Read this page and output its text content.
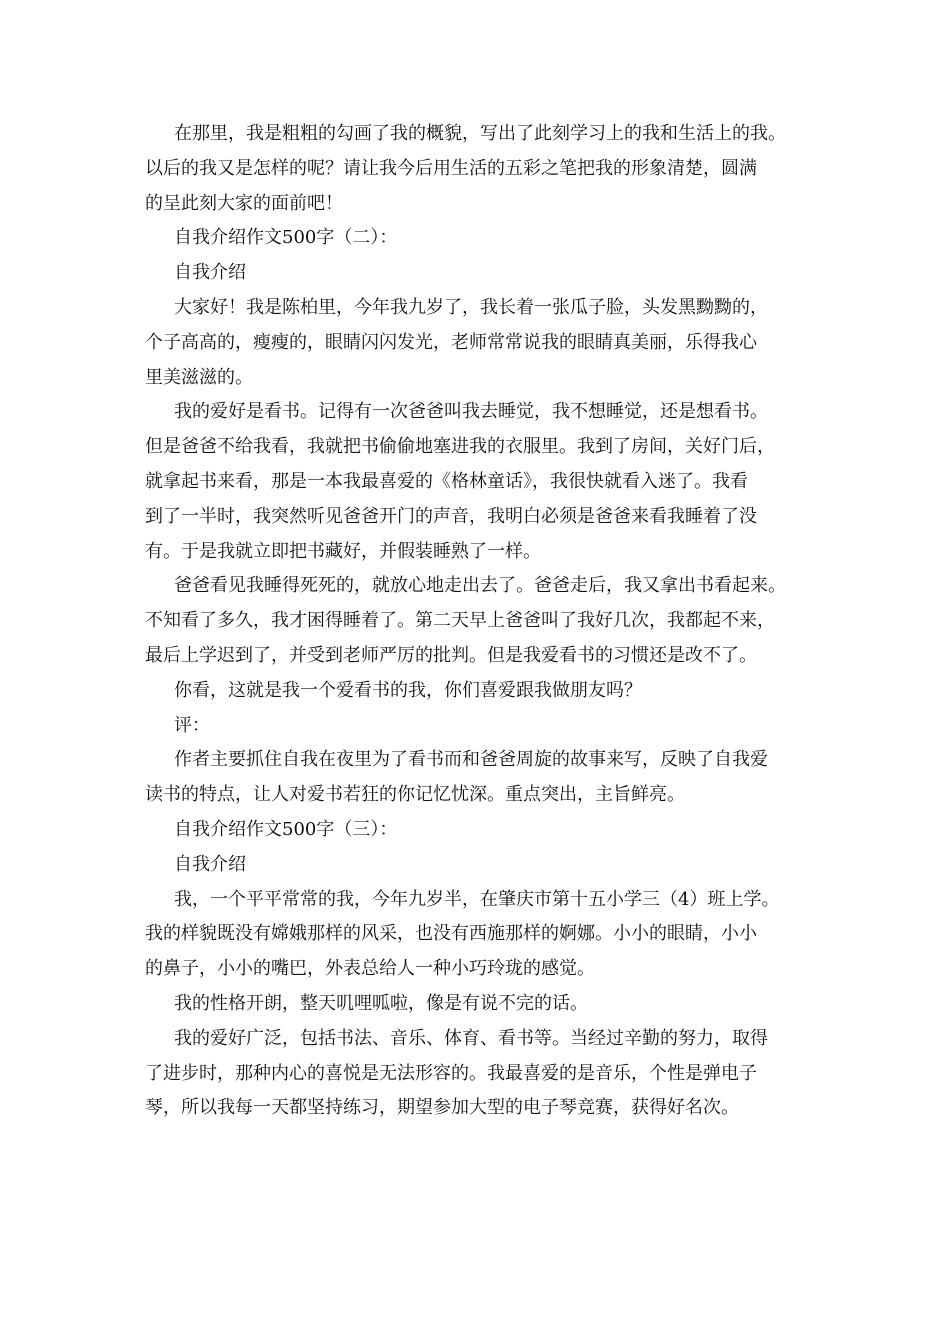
在那里，我是粗粗的勾画了我的概貌，写出了此刻学习上的我和生活上的我。
以后的我又是怎样的呢？请让我今后用生活的五彩之笔把我的形象清楚，圆满
的呈此刻大家的面前吧！
自我介绍作文500字（二）：
自我介绍
大家好！我是陈柏里，今年我九岁了，我长着一张瓜子脸，头发黑黝黝的，
个子高高的，瘦瘦的，眼睛闪闪发光，老师常常说我的眼睛真美丽，乐得我心
里美滋滋的。
我的爱好是看书。记得有一次爸爸叫我去睡觉，我不想睡觉，还是想看书。
但是爸爸不给我看，我就把书偷偷地塞进我的衣服里。我到了房间，关好门后，
就拿起书来看，那是一本我最喜爱的《格林童话》，我很快就看入迷了。我看
到了一半时，我突然听见爸爸开门的声音，我明白必须是爸爸来看我睡着了没
有。于是我就立即把书藏好，并假装睡熟了一样。
爸爸看见我睡得死死的，就放心地走出去了。爸爸走后，我又拿出书看起来。
不知看了多久，我才困得睡着了。第二天早上爸爸叫了我好几次，我都起不来，
最后上学迟到了，并受到老师严厉的批判。但是我爱看书的习惯还是改不了。
你看，这就是我一个爱看书的我，你们喜爱跟我做朋友吗？
评：
作者主要抓住自我在夜里为了看书而和爸爸周旋的故事来写，反映了自我爱
读书的特点，让人对爱书若狂的你记忆忧深。重点突出，主旨鲜亮。
自我介绍作文500字（三）：
自我介绍
我，一个平平常常的我，今年九岁半，在肇庆市第十五小学三（4）班上学。
我的样貌既没有嫦娥那样的风采，也没有西施那样的婀娜。小小的眼睛，小小
的鼻子，小小的嘴巴，外表总给人一种小巧玲珑的感觉。
我的性格开朗，整天叽哩呱啦，像是有说不完的话。
我的爱好广泛，包括书法、音乐、体育、看书等。当经过辛勤的努力，取得
了进步时，那种内心的喜悦是无法形容的。我最喜爱的是音乐，个性是弹电子
琴，所以我每一天都坚持练习，期望参加大型的电子琴竞赛，获得好名次。
